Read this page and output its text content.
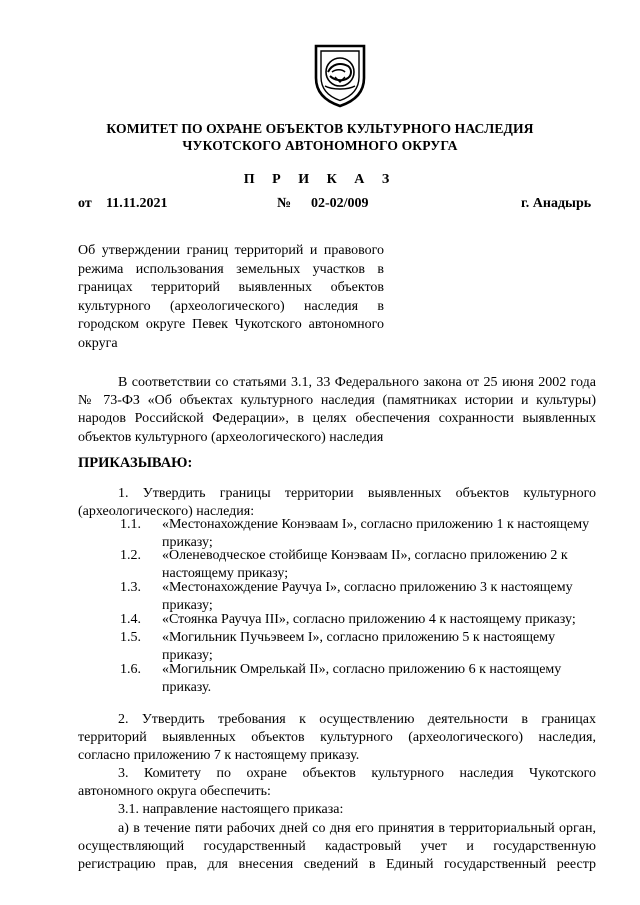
КОМИТЕТ ПО ОХРАНЕ ОБЪЕКТОВ КУЛЬТУРНОГО НАСЛЕДИЯ
ЧУКОТСКОГО АВТОНОМНОГО ОКРУГА
П Р И К А З
от 11.11.2021	№ 02-02/009	г. Анадырь
Об утверждении границ территорий и правового режима использования земельных участков в границах территорий выявленных объектов культурного (археологического) наследия в городском округе Певек Чукотского автономного округа
В соответствии со статьями 3.1, 33 Федерального закона от 25 июня 2002 года
№ 73-ФЗ «Об объектах культурного наследия (памятниках истории и культуры)
народов Российской Федерации», в целях обеспечения сохранности выявленных
объектов культурного (археологического) наследия
ПРИКАЗЫВАЮ:
1. Утвердить границы территории выявленных объектов культурного
(археологического) наследия:
1.1. «Местонахождение Конэваам I», согласно приложению 1 к настоящему
приказу;
1.2. «Оленеводческое стойбище Конэваам II», согласно приложению 2 к
настоящему приказу;
1.3. «Местонахождение Раучуа I», согласно приложению 3 к настоящему
приказу;
1.4. «Стоянка Раучуа III», согласно приложению 4 к настоящему приказу;
1.5. «Могильник Пучьэвеем I», согласно приложению 5 к настоящему
приказу;
1.6. «Могильник Омрелькай II», согласно приложению 6 к настоящему
приказу.
2. Утвердить требования к осуществлению деятельности в границах
территорий выявленных объектов культурного (археологического) наследия,
согласно приложению 7 к настоящему приказу.
3. Комитету по охране объектов культурного наследия Чукотского
автономного округа обеспечить:
3.1. направление настоящего приказа:
а) в течение пяти рабочих дней со дня его принятия в территориальный орган,
осуществляющий государственный кадастровый учет и государственную
регистрацию прав, для внесения сведений в Единый государственный реестр
